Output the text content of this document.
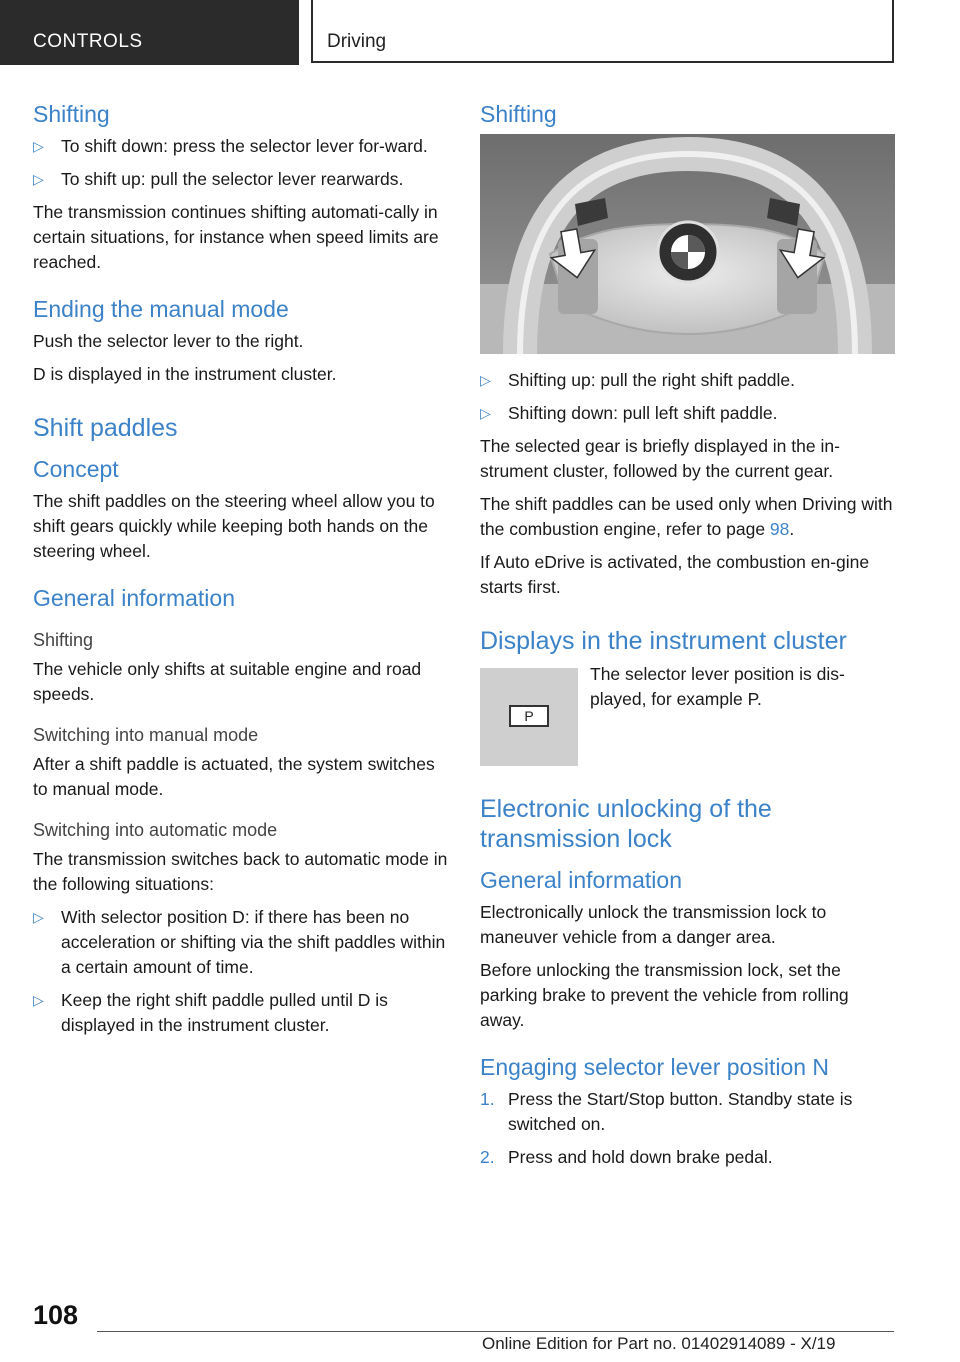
CONTROLS	Driving
Shifting
▷ To shift down: press the selector lever for-ward.
▷ To shift up: pull the selector lever rearwards.

The transmission continues shifting automati-cally in certain situations, for instance when speed limits are reached.

Ending the manual mode

Push the selector lever to the right.

D is displayed in the instrument cluster.

Shift paddles
Concept

The shift paddles on the steering wheel allow you to shift gears quickly while keeping both hands on the steering wheel.

General information
Shifting

The vehicle only shifts at suitable engine and road speeds.

Switching into manual mode

After a shift paddle is actuated, the system switches to manual mode.

Switching into automatic mode

The transmission switches back to automatic mode in the following situations:

▷ With selector position D: if there has been no acceleration or shifting via the shift paddles within a certain amount of time.
▷ Keep the right shift paddle pulled until D is displayed in the instrument cluster.
Shifting
▷ Shifting up: pull the right shift paddle.
▷ Shifting down: pull left shift paddle.

The selected gear is briefly displayed in the in-strument cluster, followed by the current gear.

The shift paddles can be used only when Driving with the combustion engine, refer to page 98.

If Auto eDrive is activated, the combustion en-gine starts first.

Displays in the instrument cluster
P

The selector lever position is dis-played, for example P.

Electronic unlocking of the transmission lock
General information

Electronically unlock the transmission lock to maneuver vehicle from a danger area.

Before unlocking the transmission lock, set the parking brake to prevent the vehicle from rolling away.

Engaging selector lever position N
1. Press the Start/Stop button. Standby state is switched on.
2. Press and hold down brake pedal.
108
Online Edition for Part no. 01402914089 - X/19
